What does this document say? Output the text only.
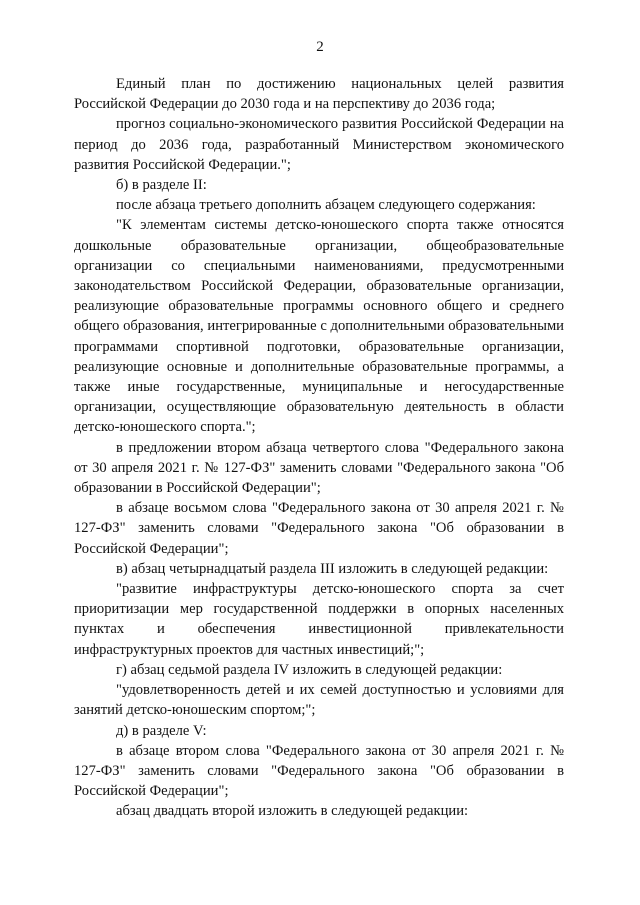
2

Единый план по достижению национальных целей развития Российской Федерации до 2030 года и на перспективу до 2036 года;

прогноз социально-экономического развития Российской Федерации на период до 2036 года, разработанный Министерством экономического развития Российской Федерации.";

б) в разделе II:

после абзаца третьего дополнить абзацем следующего содержания:

"К элементам системы детско-юношеского спорта также относятся дошкольные образовательные организации, общеобразовательные организации со специальными наименованиями, предусмотренными законодательством Российской Федерации, образовательные организации, реализующие образовательные программы основного общего и среднего общего образования, интегрированные с дополнительными образовательными программами спортивной подготовки, образовательные организации, реализующие основные и дополнительные образовательные программы, а также иные государственные, муниципальные и негосударственные организации, осуществляющие образовательную деятельность в области детско-юношеского спорта.";

в предложении втором абзаца четвертого слова "Федерального закона от 30 апреля 2021 г. № 127-ФЗ" заменить словами "Федерального закона "Об образовании в Российской Федерации";

в абзаце восьмом слова "Федерального закона от 30 апреля 2021 г. № 127-ФЗ" заменить словами "Федерального закона "Об образовании в Российской Федерации";

в) абзац четырнадцатый раздела III изложить в следующей редакции:

"развитие инфраструктуры детско-юношеского спорта за счет приоритизации мер государственной поддержки в опорных населенных пунктах и обеспечения инвестиционной привлекательности инфраструктурных проектов для частных инвестиций;";

г) абзац седьмой раздела IV изложить в следующей редакции:

"удовлетворенность детей и их семей доступностью и условиями для занятий детско-юношеским спортом;";

д) в разделе V:

в абзаце втором слова "Федерального закона от 30 апреля 2021 г. № 127-ФЗ" заменить словами "Федерального закона "Об образовании в Российской Федерации";

абзац двадцать второй изложить в следующей редакции:
